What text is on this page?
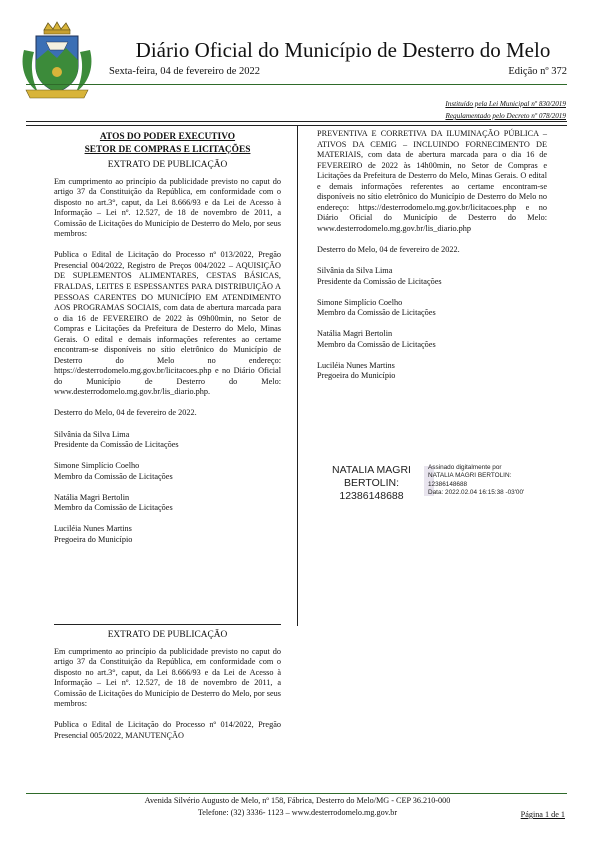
Diário Oficial do Município de Desterro do Melo
Sexta-feira, 04 de fevereiro de 2022	Edição nº 372
Instituído pela Lei Municipal nº 830/2019
Regulamentado pelo Decreto nº 078/2019

ATOS DO PODER EXECUTIVO

SETOR DE COMPRAS E LICITAÇÕES

EXTRATO DE PUBLICAÇÃO

Em cumprimento ao princípio da publicidade previsto no caput do artigo 37 da Constituição da República, em conformidade com o disposto no art.3°, caput, da Lei 8.666/93 e da Lei de Acesso à Informação – Lei nº. 12.527, de 18 de novembro de 2011, a Comissão de Licitações do Município de Desterro do Melo, por seus membros:

Publica o Edital de Licitação do Processo nº 013/2022, Pregão Presencial 004/2022, Registro de Preços 004/2022 – AQUISIÇÃO DE SUPLEMENTOS ALIMENTARES, CESTAS BÁSICAS, FRALDAS, LEITES E ESPESSANTES PARA DISTRIBUIÇÃO A PESSOAS CARENTES DO MUNICÍPIO EM ATENDIMENTO AOS PROGRAMAS SOCIAIS, com data de abertura marcada para o dia 16 de FEVEREIRO de 2022 às 09h00min, no Setor de Compras e Licitações da Prefeitura de Desterro do Melo, Minas Gerais. O edital e demais informações referentes ao certame encontram-se disponíveis no sítio eletrônico do Município de Desterro do Melo no endereço: https://desterrodomelo.mg.gov.br/licitacoes.php e no Diário Oficial do Município de Desterro do Melo: www.desterrodomelo.mg.gov.br/lis_diario.php.

Desterro do Melo, 04 de fevereiro de 2022.

Silvânia da Silva Lima

Presidente da Comissão de Licitações

Simone Simplício Coelho

Membro da Comissão de Licitações

Natália Magri Bertolin

Membro da Comissão de Licitações

Luciléia Nunes Martins

Pregoeira do Município

EXTRATO DE PUBLICAÇÃO

Em cumprimento ao princípio da publicidade previsto no caput do artigo 37 da Constituição da República, em conformidade com o disposto no art.3°, caput, da Lei 8.666/93 e da Lei de Acesso à Informação – Lei nº. 12.527, de 18 de novembro de 2011, a Comissão de Licitações do Município de Desterro do Melo, por seus membros:

Publica o Edital de Licitação do Processo nº 014/2022, Pregão Presencial 005/2022, MANUTENÇÃO

PREVENTIVA E CORRETIVA DA ILUMINAÇÃO PÚBLICA – ATIVOS DA CEMIG – INCLUINDO FORNECIMENTO DE MATERIAIS, com data de abertura marcada para o dia 16 de FEVEREIRO de 2022 às 14h00min, no Setor de Compras e Licitações da Prefeitura de Desterro do Melo, Minas Gerais. O edital e demais informações referentes ao certame encontram-se disponíveis no sítio eletrônico do Município de Desterro do Melo no endereço: https://desterrodomelo.mg.gov.br/licitacoes.php e no Diário Oficial do Município de Desterro do Melo: www.desterrodomelo.mg.gov.br/lis_diario.php

Desterro do Melo, 04 de fevereiro de 2022.

Silvânia da Silva Lima

Presidente da Comissão de Licitações

Simone Simplício Coelho

Membro da Comissão de Licitações

Natália Magri Bertolin

Membro da Comissão de Licitações

Luciléia Nunes Martins

Pregoeira do Município

NATALIA MAGRI
BERTOLIN:
12386148688
Assinado digitalmente por
NATALIA MAGRI BERTOLIN:
12386148688
Data: 2022.02.04 16:15:38 -03'00'
Avenida Silvério Augusto de Melo, nº 158, Fábrica, Desterro do Melo/MG - CEP 36.210-000
Telefone: (32) 3336- 1123 – www.desterrodomelo.mg.gov.br	Página 1 de 1
